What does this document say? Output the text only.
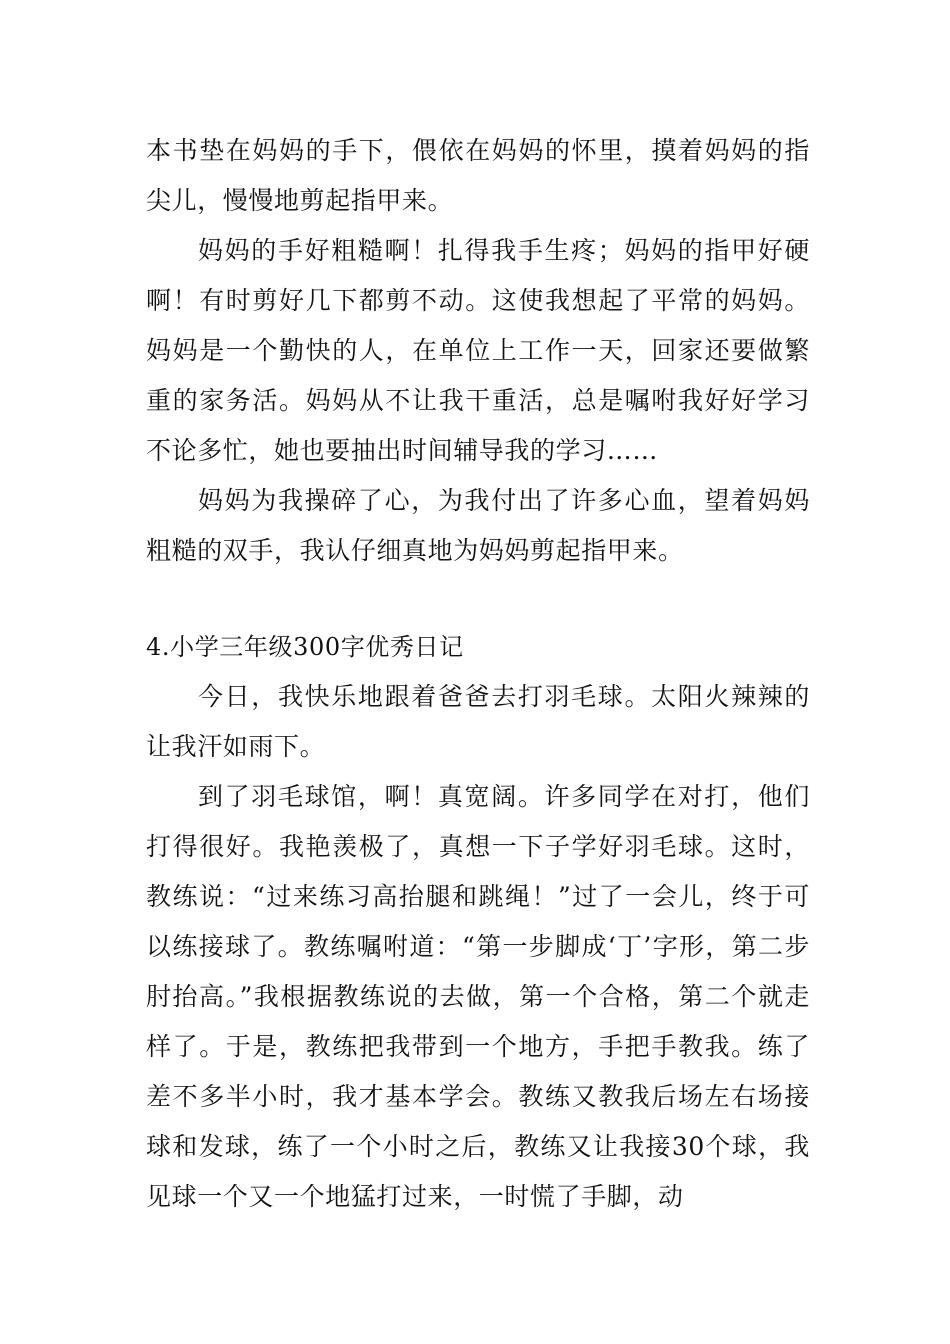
本书垫在妈妈的手下，偎依在妈妈的怀里，摸着妈妈的指尖儿，慢慢地剪起指甲来。

妈妈的手好粗糙啊！扎得我手生疼；妈妈的指甲好硬啊！有时剪好几下都剪不动。这使我想起了平常的妈妈。妈妈是一个勤快的人，在单位上工作一天，回家还要做繁重的家务活。妈妈从不让我干重活，总是嘱咐我好好学习不论多忙，她也要抽出时间辅导我的学习……

妈妈为我操碎了心，为我付出了许多心血，望着妈妈粗糙的双手，我认仔细真地为妈妈剪起指甲来。

4.小学三年级300字优秀日记

今日，我快乐地跟着爸爸去打羽毛球。太阳火辣辣的让我汗如雨下。

到了羽毛球馆，啊！真宽阔。许多同学在对打，他们打得很好。我艳羡极了，真想一下子学好羽毛球。这时，教练说：“过来练习高抬腿和跳绳！”过了一会儿，终于可以练接球了。教练嘱咐道：“第一步脚成‘丁’字形，第二步肘抬高。”我根据教练说的去做，第一个合格，第二个就走样了。于是，教练把我带到一个地方，手把手教我。练了差不多半小时，我才基本学会。教练又教我后场左右场接球和发球，练了一个小时之后，教练又让我接30个球，我见球一个又一个地猛打过来，一时慌了手脚，动
